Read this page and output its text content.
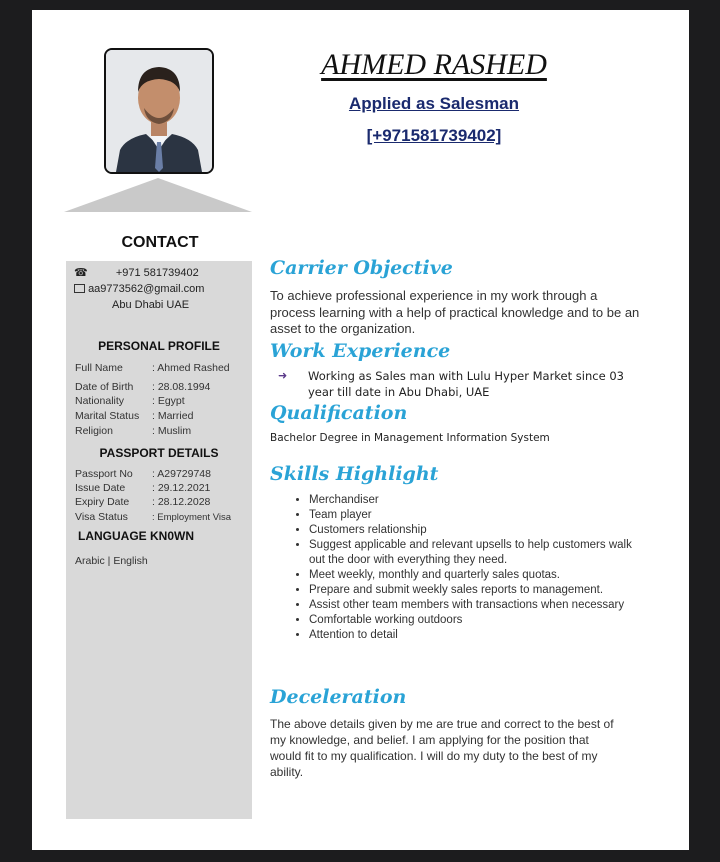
AHMED RASHED
Applied as Salesman
[+971581739402]
CONTACT
☎	+971 581739402
aa9773562@gmail.com
Abu Dhabi UAE
PERSONAL PROFILE
Full Name	: Ahmed Rashed
Date of Birth : 28.08.1994
Nationality	: Egypt
Marital Status : Married
Religion	: Muslim
PASSPORT DETAILS
Passport No : A29729748
Issue Date	: 29.12.2021
Expiry Date : 28.12.2028
Visa Status	: Employment Visa
LANGUAGE KN0WN
Arabic | English
Carrier Objective
To achieve professional experience in my work through a process learning with a help of practical knowledge and to be an asset to the organization.
Work Experience
➜ Working as Sales man with Lulu Hyper Market since 03 year till date in Abu Dhabi, UAE
Qualification
Bachelor Degree in Management Information System
Skills Highlight
• Merchandiser
• Team player
• Customers relationship
• Suggest applicable and relevant upsells to help customers walk out the door with everything they need.
• Meet weekly, monthly and quarterly sales quotas.
• Prepare and submit weekly sales reports to management.
• Assist other team members with transactions when necessary
• Comfortable working outdoors
• Attention to detail
Deceleration
The above details given by me are true and correct to the best of my knowledge, and belief. I am applying for the position that would fit to my qualification. I will do my duty to the best of my ability.
